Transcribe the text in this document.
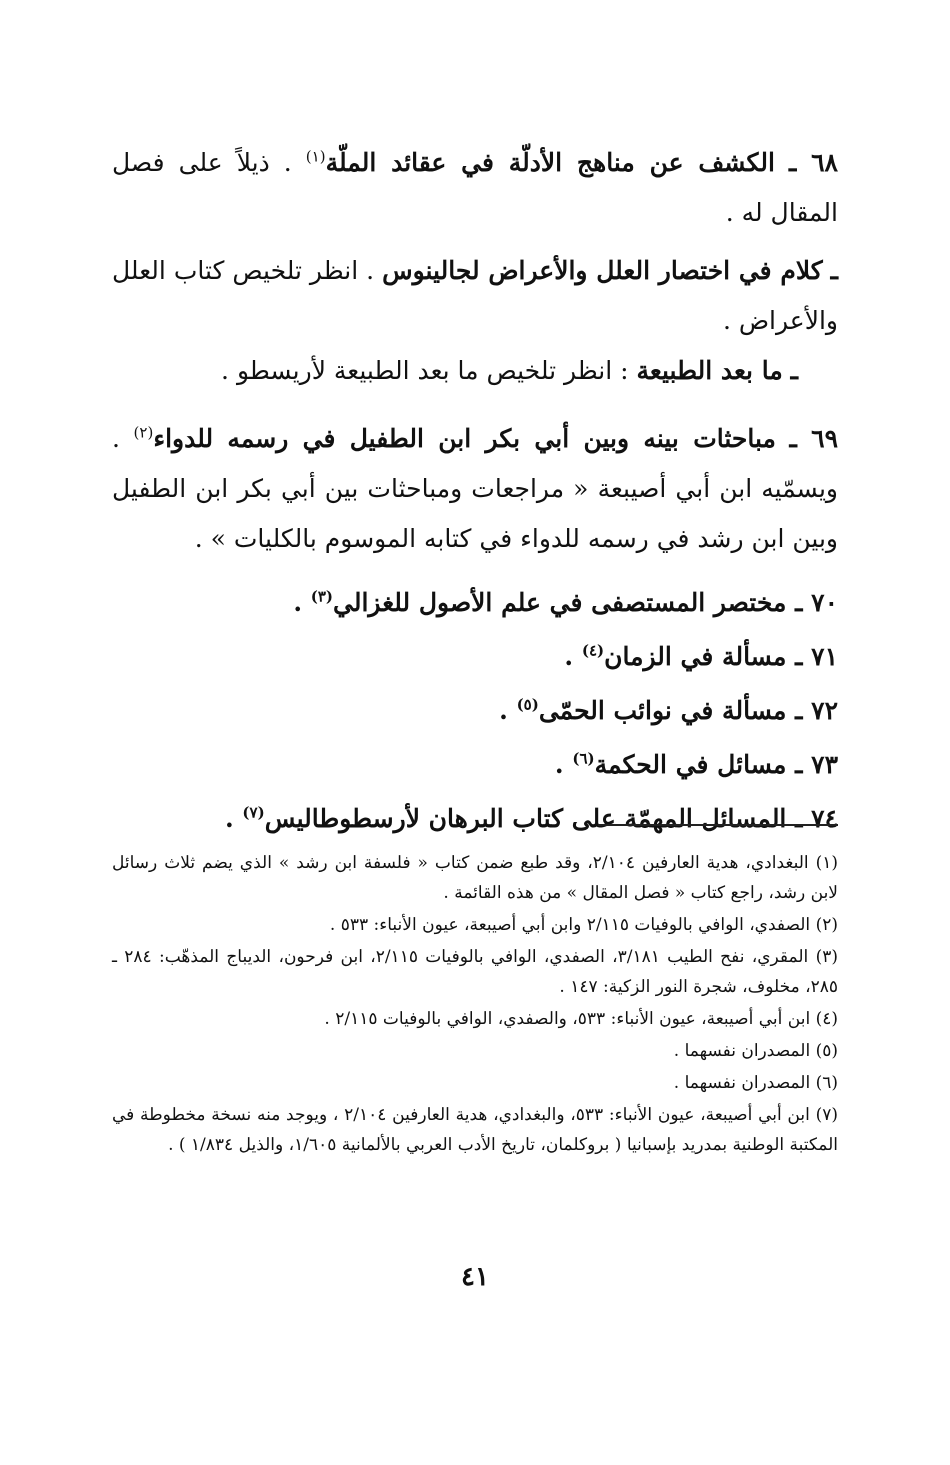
٦٨ ـ الكشف عن مناهج الأدلّة في عقائد الملّة$^{(١)}$ . ذيلاً على فصل المقال له .

ـ كلام في اختصار العلل والأعراض لجالينوس . انظر تلخيص كتاب العلل والأعراض .

ـ ما بعد الطبيعة : انظر تلخيص ما بعد الطبيعة لأريسطو .

٦٩ ـ مباحثات بينه وبين أبي بكر ابن الطفيل في رسمه للدواء$^{(٢)}$ . ويسمّيه ابن أبي أصيبعة « مراجعات ومباحثات بين أبي بكر ابن الطفيل وبين ابن رشد في رسمه للدواء في كتابه الموسوم بالكليات » .

٧٠ ـ مختصر المستصفى في علم الأصول للغزالي$^{(٣)}$ .

٧١ ـ مسألة في الزمان$^{(٤)}$ .

٧٢ ـ مسألة في نوائب الحمّى$^{(٥)}$ .

٧٣ ـ مسائل في الحكمة$^{(٦)}$ .

٧٤ ـ المسائل المهمّة على كتاب البرهان لأرسطوطاليس$^{(٧)}$ .

(١) البغدادي، هدية العارفين ٢/١٠٤، وقد طبع ضمن كتاب « فلسفة ابن رشد » الذي يضم ثلاث رسائل لابن رشد، راجع كتاب « فصل المقال » من هذه القائمة .

(٢) الصفدي، الوافي بالوفيات ٢/١١٥ وابن أبي أصيبعة، عيون الأنباء: ٥٣٣ .

(٣) المقري، نفح الطيب ٣/١٨١، الصفدي، الوافي بالوفيات ٢/١١٥، ابن فرحون، الديباج المذهّب: ٢٨٤ ـ ٢٨٥، مخلوف، شجرة النور الزكية: ١٤٧ .

(٤) ابن أبي أصيبعة، عيون الأنباء: ٥٣٣، والصفدي، الوافي بالوفيات ٢/١١٥ .

(٥) المصدران نفسهما .

(٦) المصدران نفسهما .

(٧) ابن أبي أصيبعة، عيون الأنباء: ٥٣٣، والبغدادي، هدية العارفين ٢/١٠٤ ، ويوجد منه نسخة مخطوطة في المكتبة الوطنية بمدريد بإسبانيا ( بروكلمان، تاريخ الأدب العربي بالألمانية ١/٦٠٥، والذيل ١/٨٣٤ ) .

٤١
